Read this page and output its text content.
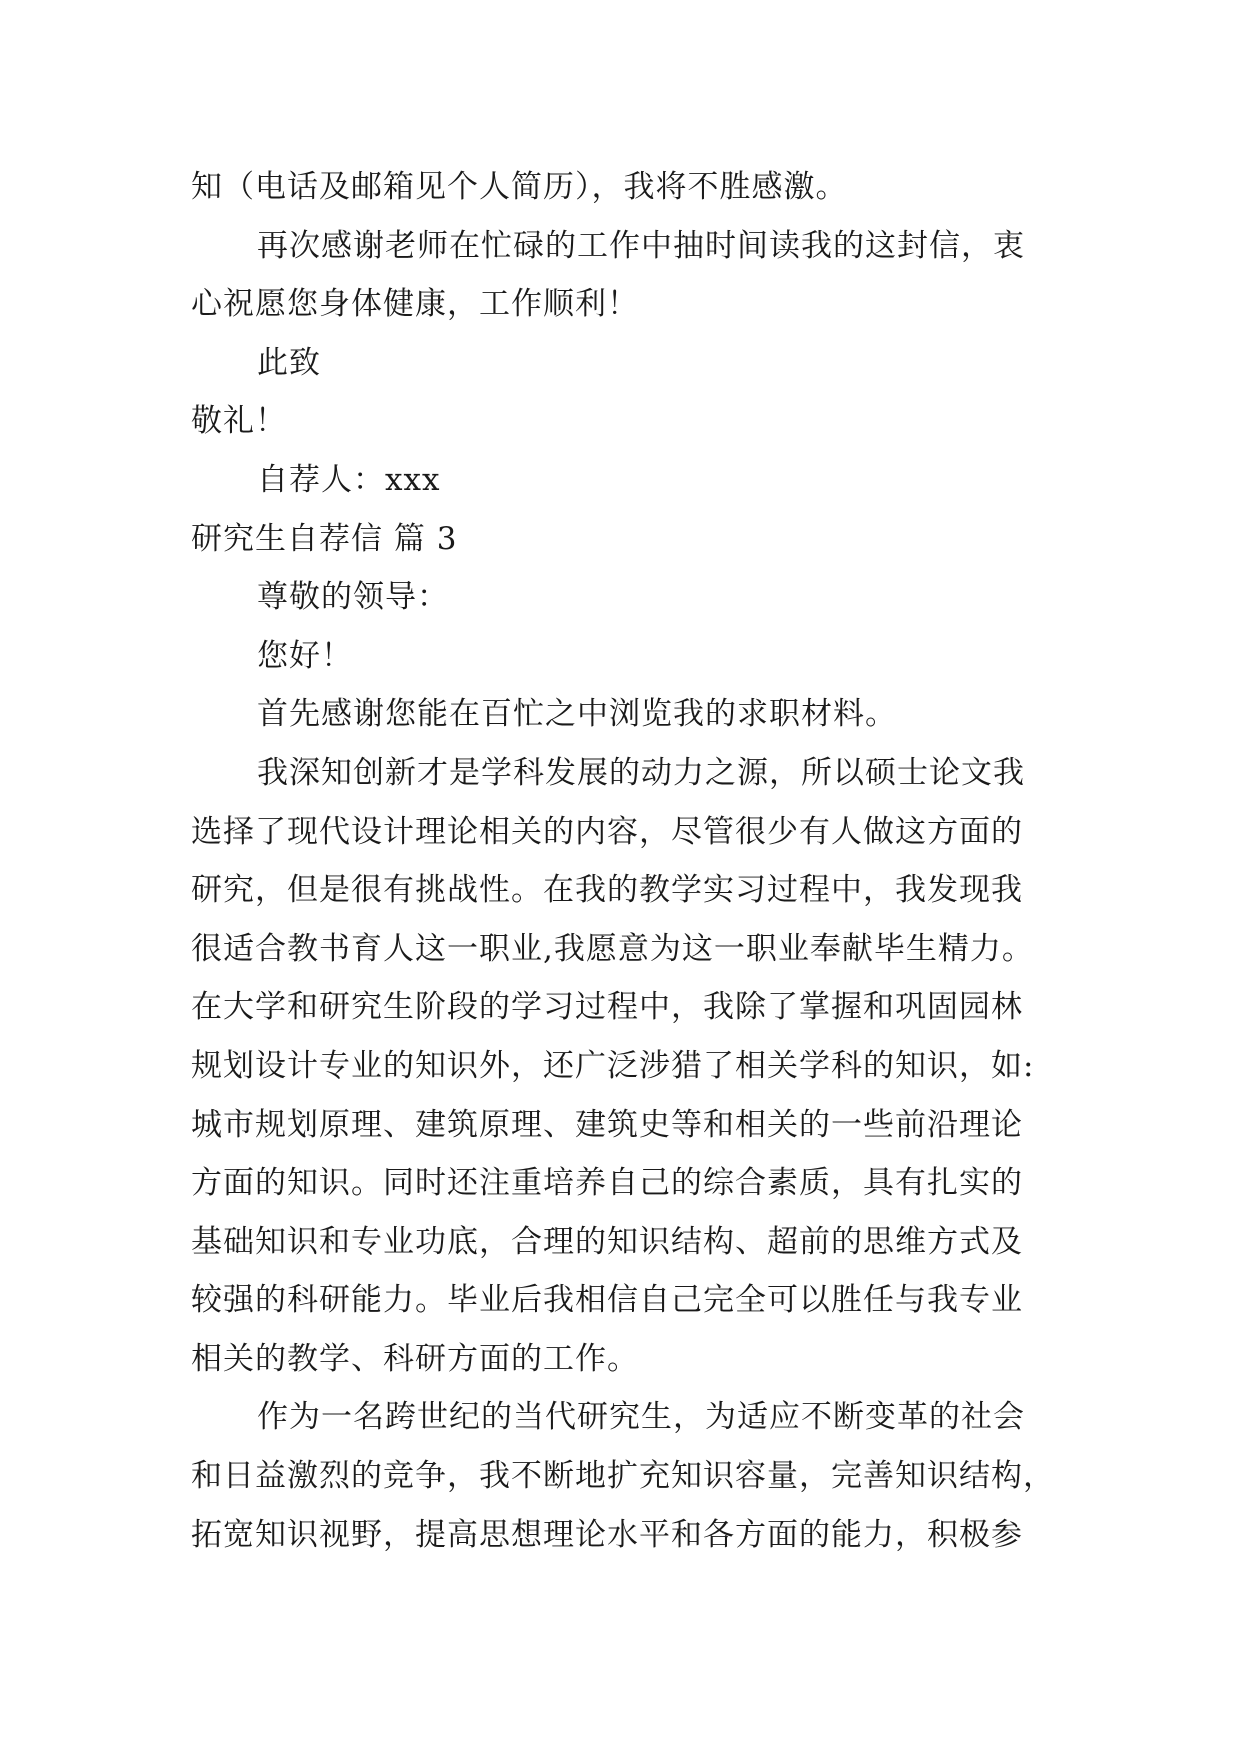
知（电话及邮箱见个人简历），我将不胜感激。
再次感谢老师在忙碌的工作中抽时间读我的这封信，衷
心祝愿您身体健康，工作顺利！
此致
敬礼！
自荐人：xxx
研究生自荐信 篇 3
尊敬的领导：
您好！
首先感谢您能在百忙之中浏览我的求职材料。
我深知创新才是学科发展的动力之源，所以硕士论文我
选择了现代设计理论相关的内容，尽管很少有人做这方面的
研究，但是很有挑战性。在我的教学实习过程中，我发现我
很适合教书育人这一职业,我愿意为这一职业奉献毕生精力。
在大学和研究生阶段的学习过程中，我除了掌握和巩固园林
规划设计专业的知识外，还广泛涉猎了相关学科的知识，如:
城市规划原理、建筑原理、建筑史等和相关的一些前沿理论
方面的知识。同时还注重培养自己的综合素质，具有扎实的
基础知识和专业功底，合理的知识结构、超前的思维方式及
较强的科研能力。毕业后我相信自己完全可以胜任与我专业
相关的教学、科研方面的工作。
作为一名跨世纪的当代研究生，为适应不断变革的社会
和日益激烈的竞争，我不断地扩充知识容量，完善知识结构，
拓宽知识视野，提高思想理论水平和各方面的能力，积极参
